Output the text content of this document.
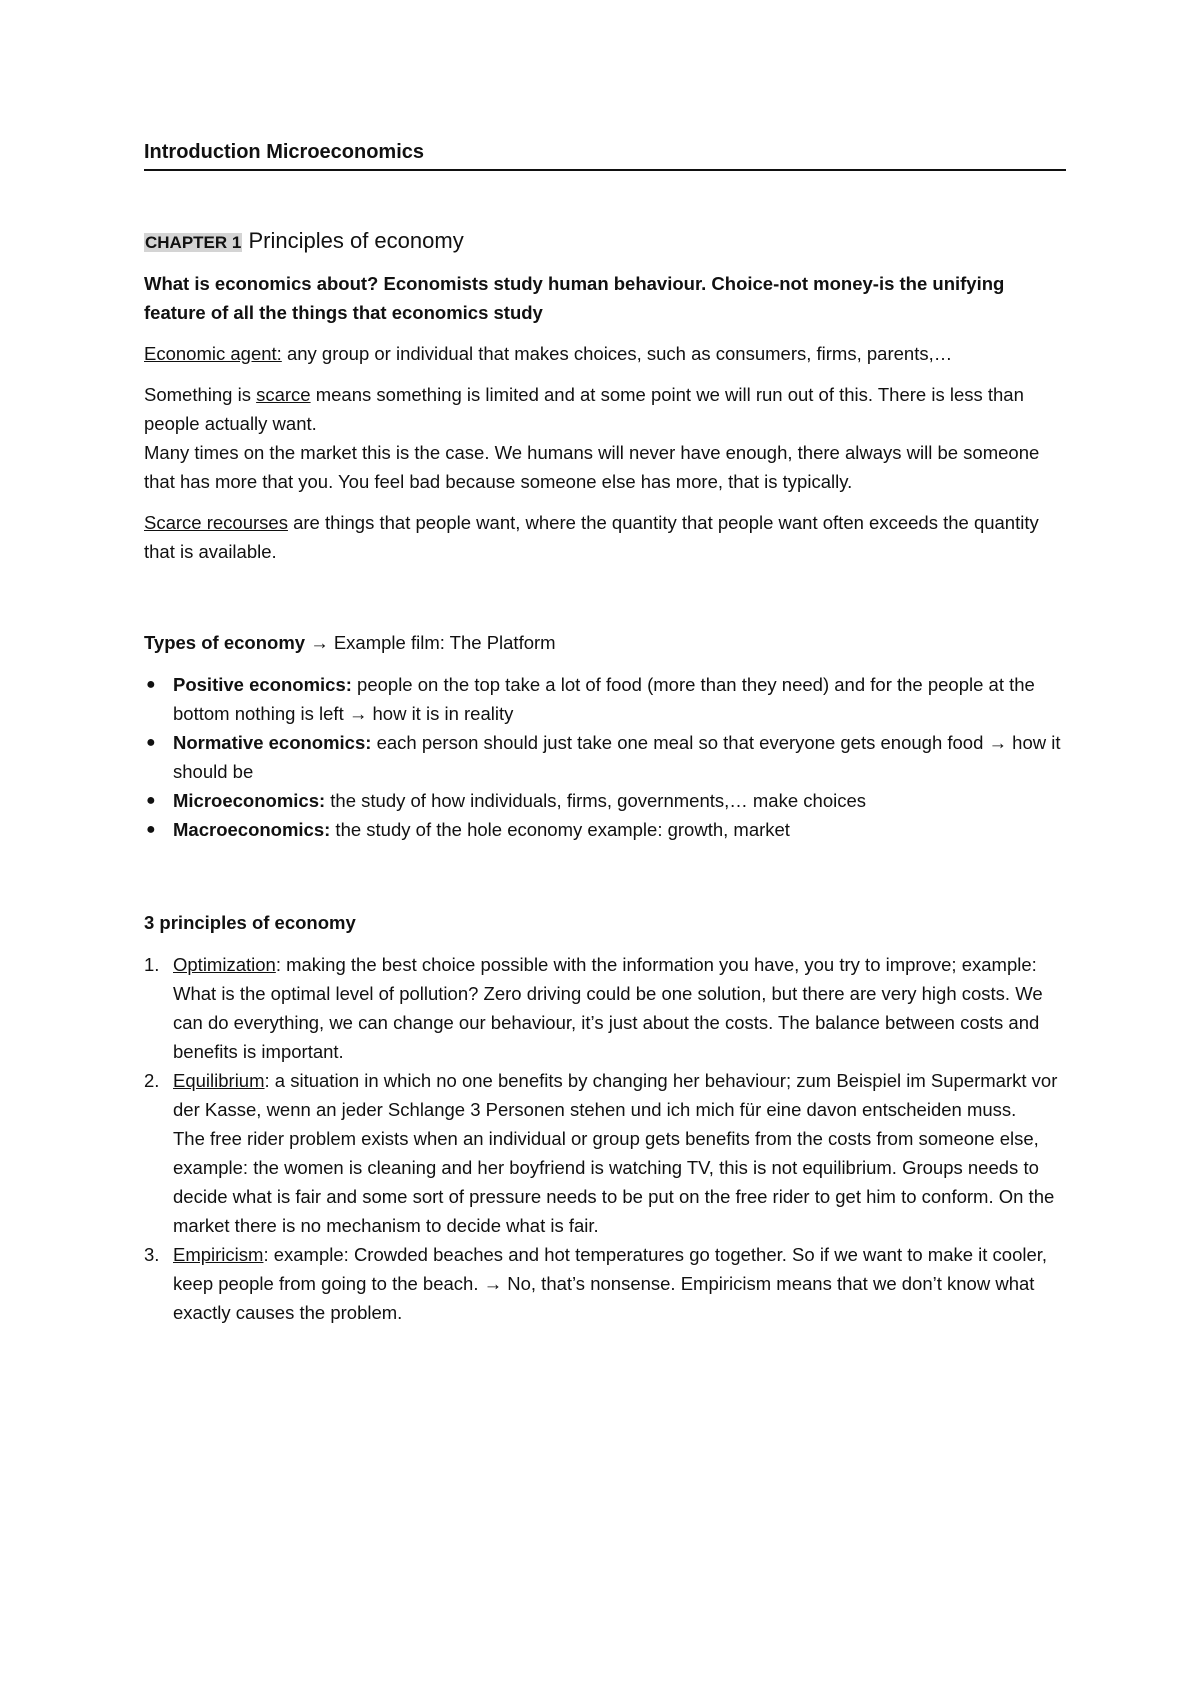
Introduction Microeconomics
CHAPTER 1 Principles of economy

What is economics about? Economists study human behaviour. Choice-not money-is the unifying feature of all the things that economics study

Economic agent: any group or individual that makes choices, such as consumers, firms, parents,…

Something is scarce means something is limited and at some point we will run out of this. There is less than people actually want.

Many times on the market this is the case. We humans will never have enough, there always will be someone that has more that you. You feel bad because someone else has more, that is typically.

Scarce recourses are things that people want, where the quantity that people want often exceeds the quantity that is available.

Types of economy → Example film: The Platform

● Positive economics: people on the top take a lot of food (more than they need) and for the people at the bottom nothing is left → how it is in reality
● Normative economics: each person should just take one meal so that everyone gets enough food → how it should be
● Microeconomics: the study of how individuals, firms, governments,… make choices
● Macroeconomics: the study of the hole economy example: growth, market

3 principles of economy

1. Optimization: making the best choice possible with the information you have, you try to improve; example: What is the optimal level of pollution? Zero driving could be one solution, but there are very high costs. We can do everything, we can change our behaviour, it’s just about the costs. The balance between costs and benefits is important.
2. Equilibrium: a situation in which no one benefits by changing her behaviour; zum Beispiel im Supermarkt vor der Kasse, wenn an jeder Schlange 3 Personen stehen und ich mich für eine davon entscheiden muss.
The free rider problem exists when an individual or group gets benefits from the costs from someone else, example: the women is cleaning and her boyfriend is watching TV, this is not equilibrium. Groups needs to decide what is fair and some sort of pressure needs to be put on the free rider to get him to conform. On the market there is no mechanism to decide what is fair.
3. Empiricism: example: Crowded beaches and hot temperatures go together. So if we want to make it cooler, keep people from going to the beach. → No, that’s nonsense. Empiricism means that we don’t know what exactly causes the problem.
